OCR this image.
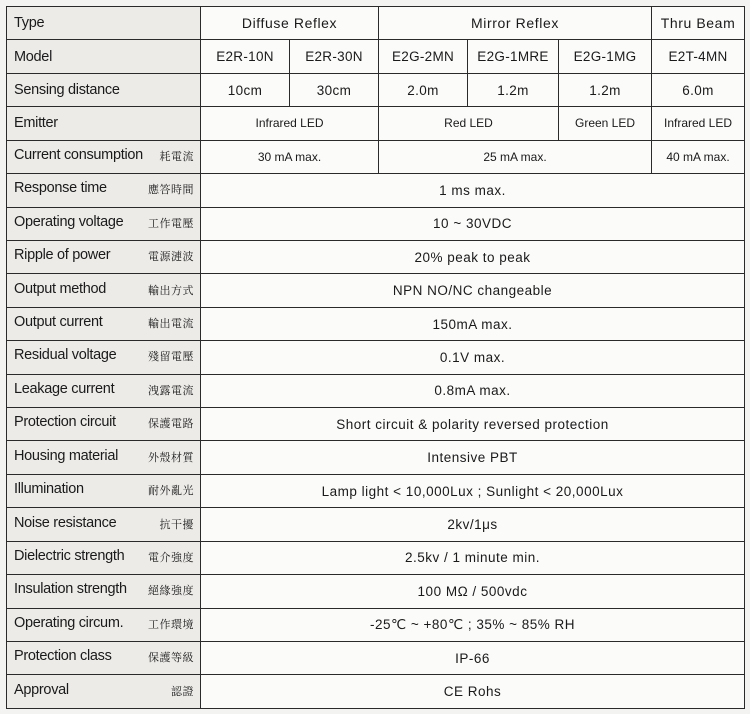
Type	Diffuse Reflex		Mirror Reflex			Thru Beam

Model	E2R-10N	E2R-30N	E2G-2MN	E2G-1MRE	E2G-1MG	E2T-4MN

Sensing distance	10cm	30cm	2.0m	1.2m	1.2m	6.0m

Emitter	Infrared LED		Red LED		Green LED	Infrared LED

Current consumption 耗電流	30 mA max.		25 mA max.			40 mA max.

Response time 應答時間	1 ms max.					

Operating voltage 工作電壓	10 ~ 30VDC					

Ripple of power 電源漣波	20% peak to peak					

Output method 輸出方式	NPN NO/NC changeable					

Output current 輸出電流	150mA max.					

Residual voltage 殘留電壓	0.1V max.					

Leakage current 洩露電流	0.8mA max.					

Protection circuit 保護電路	Short circuit & polarity reversed protection					

Housing material 外殼材質	Intensive PBT					

Illumination 耐外亂光	Lamp light < 10,000Lux ; Sunlight < 20,000Lux					

Noise resistance 抗干擾	2kv/1μs					

Dielectric strength 電介強度	2.5kv / 1 minute min.					

Insulation strength 絕緣強度	100 MΩ / 500vdc					

Operating circum. 工作環境	-25℃ ~ +80℃ ; 35% ~ 85% RH					

Protection class 保護等級	IP-66					

Approval 認證	CE Rohs					
